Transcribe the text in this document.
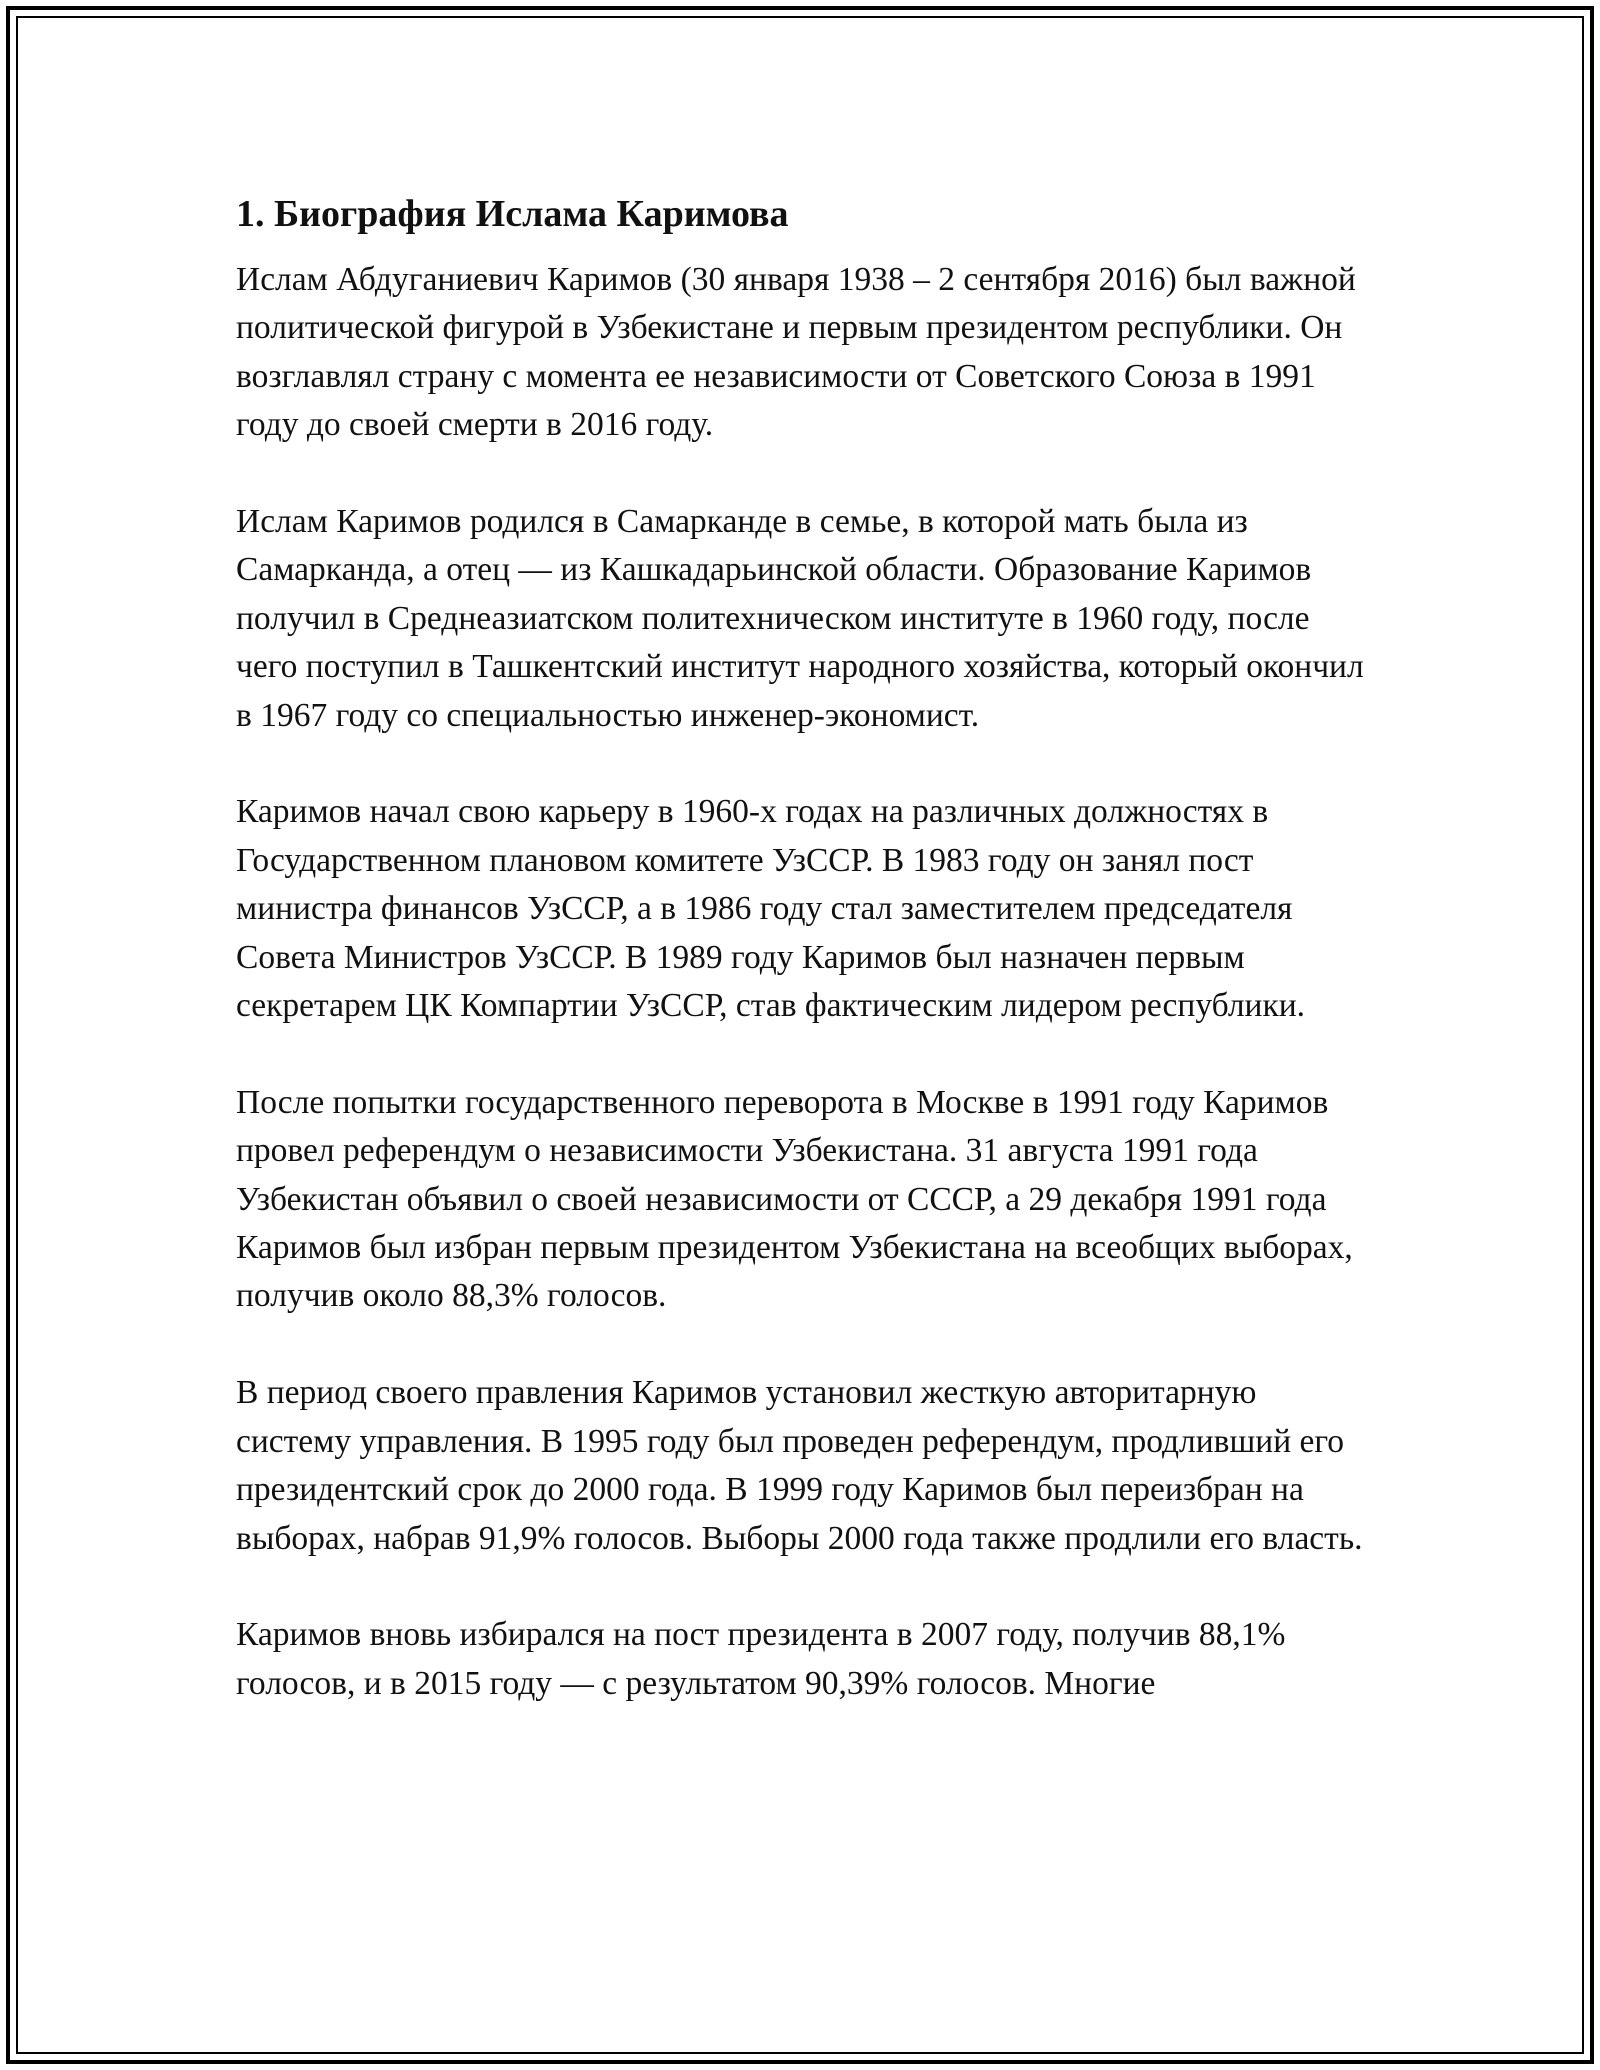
1. Биография Ислама Каримова

Ислам Абдуганиевич Каримов (30 января 1938 – 2 сентября 2016) был важной политической фигурой в Узбекистане и первым президентом республики. Он возглавлял страну с момента ее независимости от Советского Союза в 1991 году до своей смерти в 2016 году.

Ислам Каримов родился в Самарканде в семье, в которой мать была из Самарканда, а отец — из Кашкадарьинской области. Образование Каримов получил в Среднеазиатском политехническом институте в 1960 году, после чего поступил в Ташкентский институт народного хозяйства, который окончил в 1967 году со специальностью инженер-экономист.

Каримов начал свою карьеру в 1960-х годах на различных должностях в Государственном плановом комитете УзССР. В 1983 году он занял пост министра финансов УзССР, а в 1986 году стал заместителем председателя Совета Министров УзССР. В 1989 году Каримов был назначен первым секретарем ЦК Компартии УзССР, став фактическим лидером республики.

После попытки государственного переворота в Москве в 1991 году Каримов провел референдум о независимости Узбекистана. 31 августа 1991 года Узбекистан объявил о своей независимости от СССР, а 29 декабря 1991 года Каримов был избран первым президентом Узбекистана на всеобщих выборах, получив около 88,3% голосов.

В период своего правления Каримов установил жесткую авторитарную систему управления. В 1995 году был проведен референдум, продливший его президентский срок до 2000 года. В 1999 году Каримов был переизбран на выборах, набрав 91,9% голосов. Выборы 2000 года также продлили его власть.

Каримов вновь избирался на пост президента в 2007 году, получив 88,1% голосов, и в 2015 году — с результатом 90,39% голосов. Многие
